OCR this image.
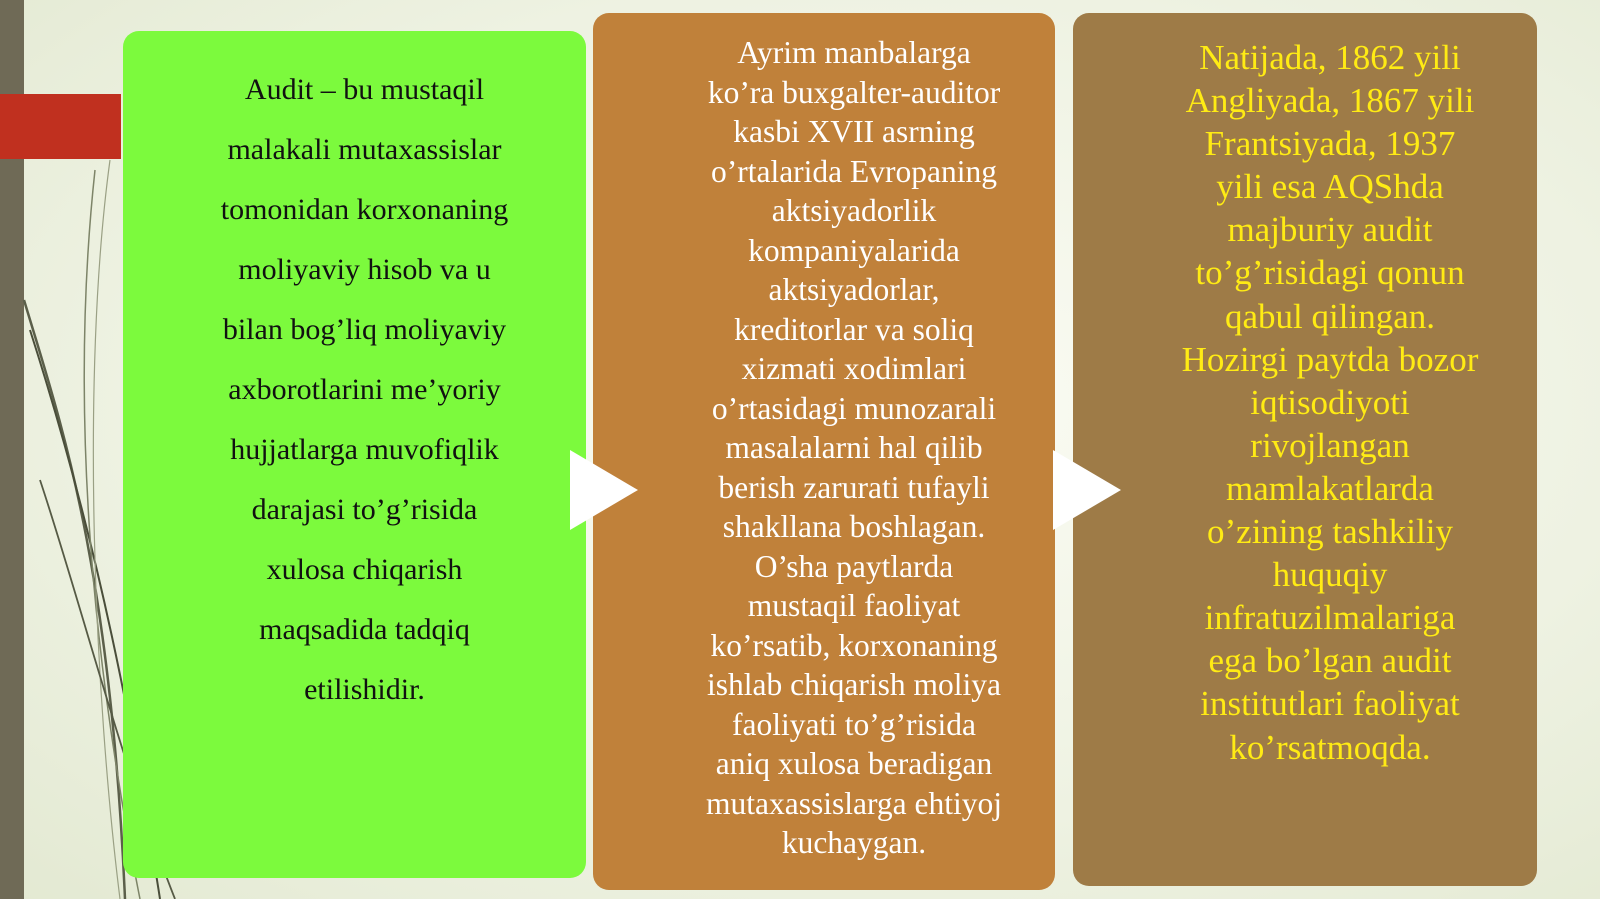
Audit – bu mustaqil
malakali mutaxassislar
tomonidan korxonaning
moliyaviy hisob va u
bilan bog’liq moliyaviy
axborotlarini me’yoriy
hujjatlarga muvofiqlik
darajasi to’g’risida
xulosa chiqarish
maqsadida tadqiq
etilishidir.

Ayrim manbalarga
ko’ra buxgalter-auditor
kasbi XVII asrning
o’rtalarida Evropaning
aktsiyadorlik
kompaniyalarida
aktsiyadorlar,
kreditorlar va soliq
xizmati xodimlari
o’rtasidagi munozarali
masalalarni hal qilib
berish zarurati tufayli
shakllana boshlagan.
O’sha paytlarda
mustaqil faoliyat
ko’rsatib, korxonaning
ishlab chiqarish moliya
faoliyati to’g’risida
aniq xulosa beradigan
mutaxassislarga ehtiyoj
kuchaygan.

Natijada, 1862 yili
Angliyada, 1867 yili
Frantsiyada, 1937
yili esa AQShda
majburiy audit
to’g’risidagi qonun
qabul qilingan.
Hozirgi paytda bozor
iqtisodiyoti
rivojlangan
mamlakatlarda
o’zining tashkiliy
huquqiy
infratuzilmalariga
ega bo’lgan audit
institutlari faoliyat
ko’rsatmoqda.
